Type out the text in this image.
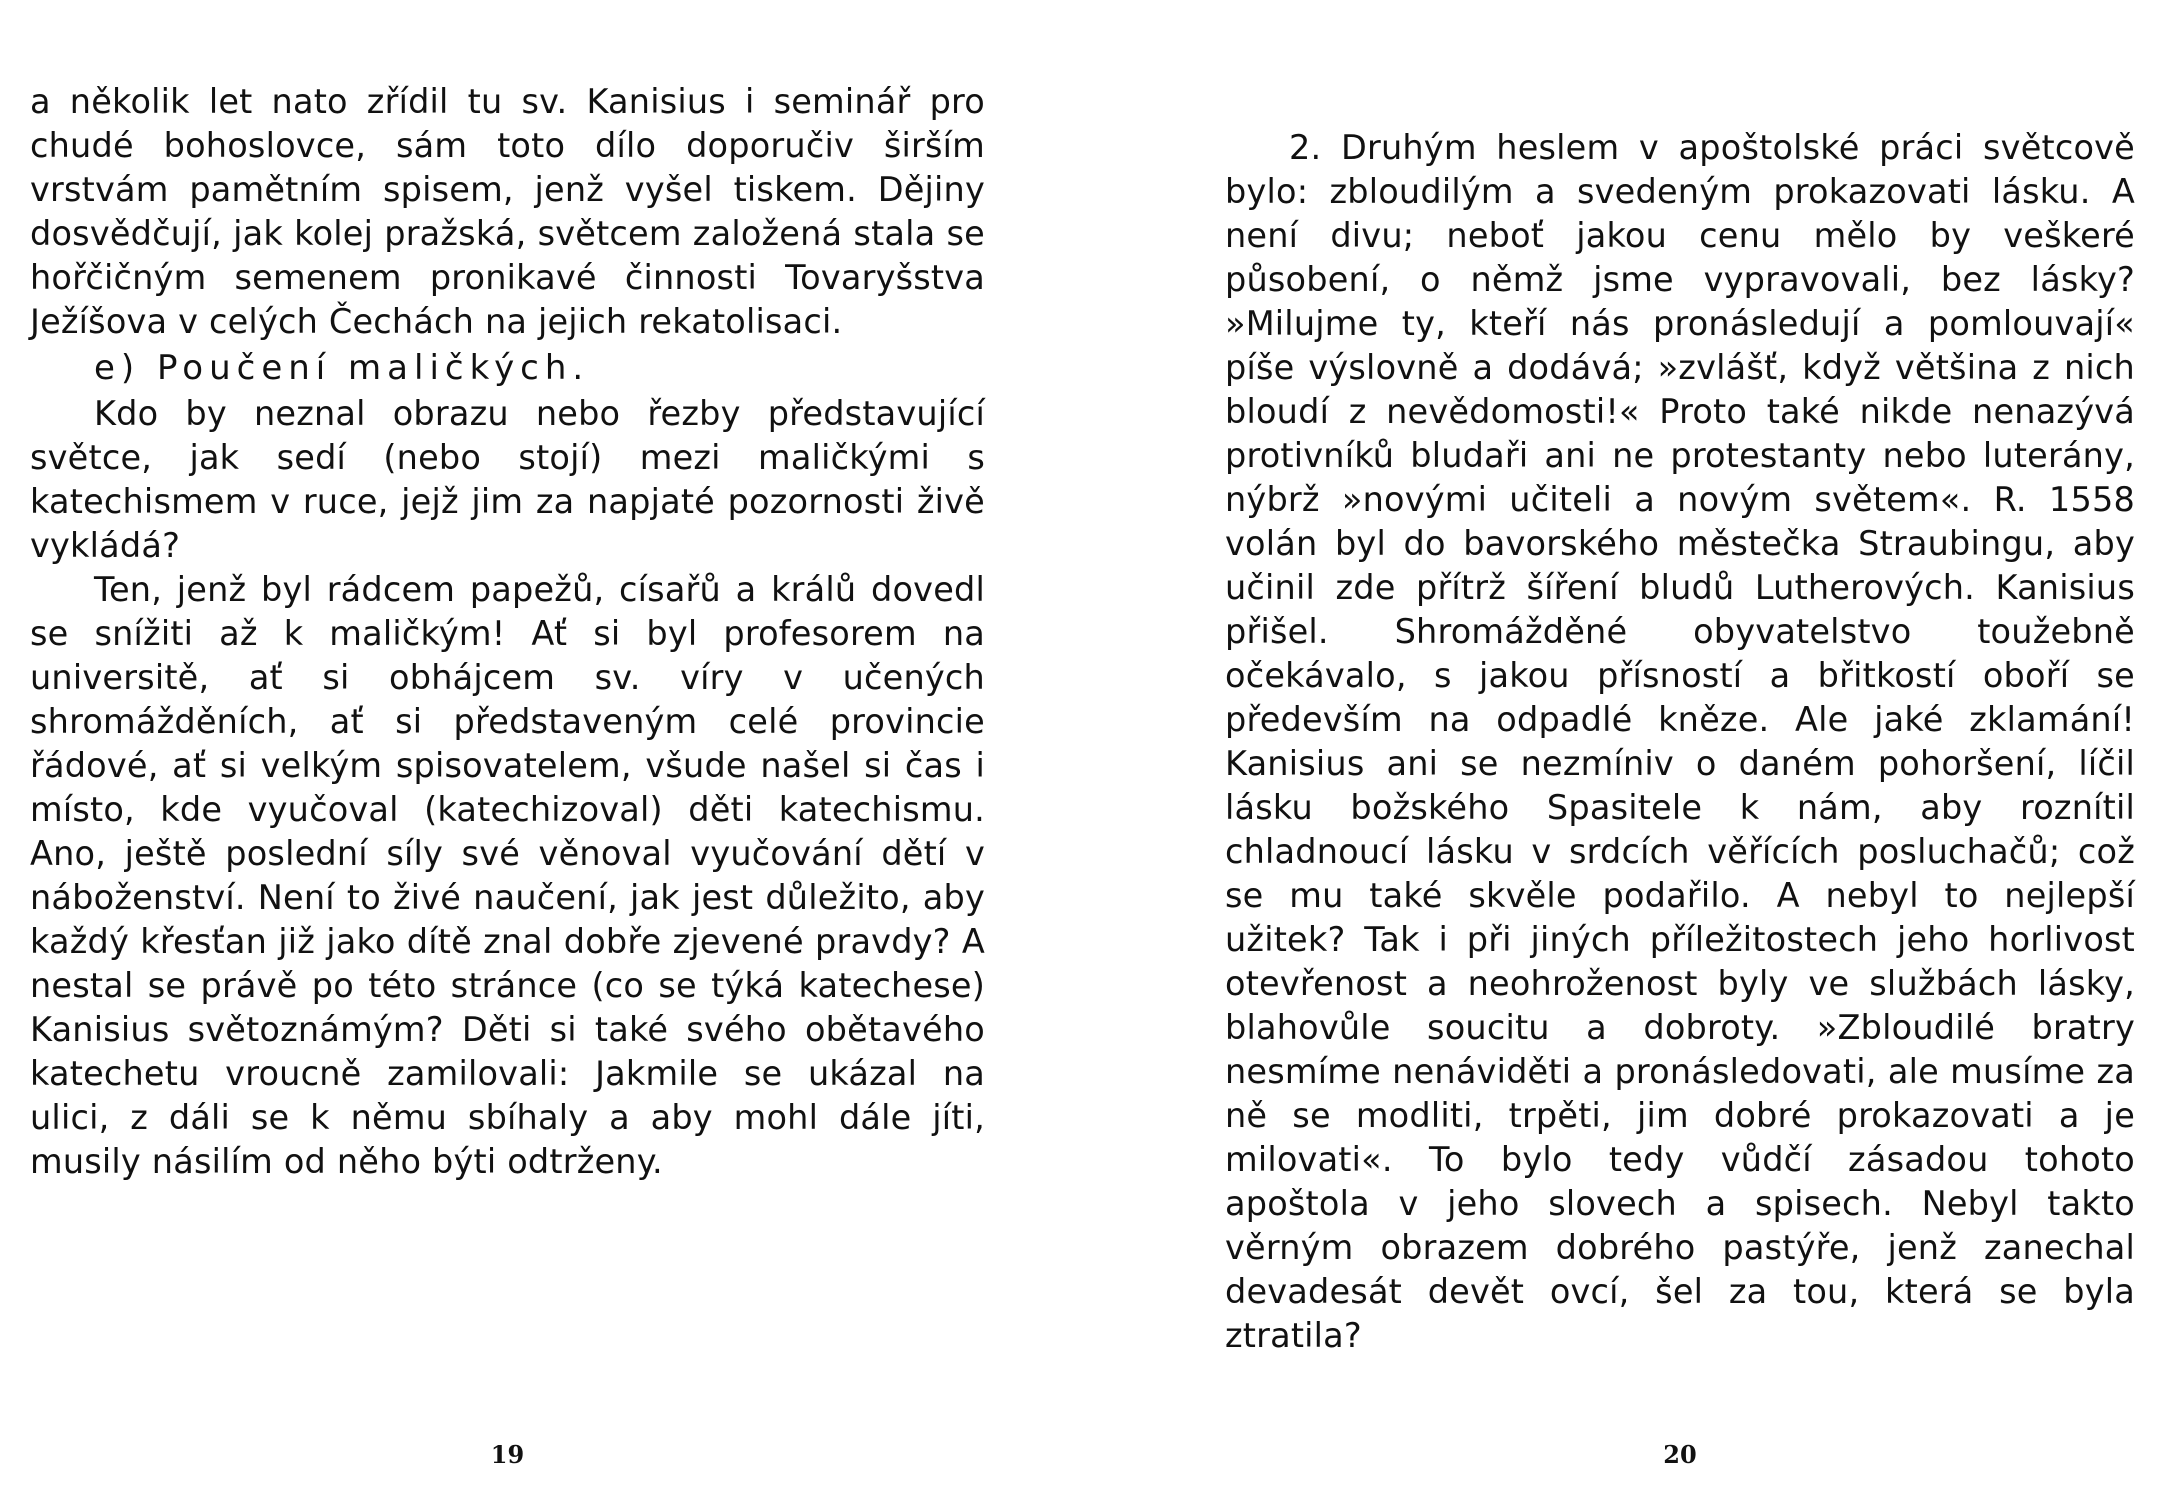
a několik let nato zřídil tu sv. Kanisius i seminář pro chudé bohoslovce, sám toto dílo doporučiv širším vrstvám pamětním spisem, jenž vyšel tiskem. Dějiny dosvědčují, jak kolej pražská, světcem založená stala se hořčičným semenem pronikavé činnosti Tovaryšstva Ježíšova v celých Čechách na jejich rekatolisaci.

e) Poučení maličkých.

Kdo by neznal obrazu nebo řezby představující světce, jak sedí (nebo stojí) mezi maličkými s katechismem v ruce, jejž jim za napjaté pozornosti živě vykládá?

Ten, jenž byl rádcem papežů, císařů a králů dovedl se snížiti až k maličkým! Ať si byl profesorem na universitě, ať si obhájcem sv. víry v učených shromážděních, ať si představeným celé provincie řádové, ať si velkým spisovatelem, všude našel si čas i místo, kde vyučoval (katechizoval) děti katechismu. Ano, ještě poslední síly své věnoval vyučování dětí v náboženství. Není to živé naučení, jak jest důležito, aby každý křesťan již jako dítě znal dobře zjevené pravdy? A nestal se právě po této stránce (co se týká katechese) Kanisius světoznámým? Děti si také svého obětavého katechetu vroucně zamilovali: Jakmile se ukázal na ulici, z dáli se k němu sbíhaly a aby mohl dále jíti, musily násilím od něho býti odtrženy.

19

2. Druhým heslem v apoštolské práci světcově bylo: zbloudilým a svedeným prokazovati lásku. A není divu; neboť jakou cenu mělo by veškeré působení, o němž jsme vypravovali, bez lásky? »Milujme ty, kteří nás pronásledují a pomlouvají« píše výslovně a dodává; »zvlášť, když většina z nich bloudí z nevědomosti!« Proto také nikde nenazývá protivníků bludaři ani ne protestanty nebo luterány, nýbrž »novými učiteli a novým světem«. R. 1558 volán byl do bavorského městečka Straubingu, aby učinil zde přítrž šíření bludů Lutherových. Kanisius přišel. Shromážděné obyvatelstvo toužebně očekávalo, s jakou přísností a břitkostí oboří se především na odpadlé kněze. Ale jaké zklamání! Kanisius ani se nezmíniv o daném pohoršení, líčil lásku božského Spasitele k nám, aby roznítil chladnoucí lásku v srdcích věřících posluchačů; což se mu také skvěle podařilo. A nebyl to nejlepší užitek? Tak i při jiných příležitostech jeho horlivost otevřenost a neohroženost byly ve službách lásky, blahovůle soucitu a dobroty. »Zbloudilé bratry nesmíme nenáviděti a pronásledovati, ale musíme za ně se modliti, trpěti, jim dobré prokazovati a je milovati«. To bylo tedy vůdčí zásadou tohoto apoštola v jeho slovech a spisech. Nebyl takto věrným obrazem dobrého pastýře, jenž zanechal devadesát devět ovcí, šel za tou, která se byla ztratila?

20
